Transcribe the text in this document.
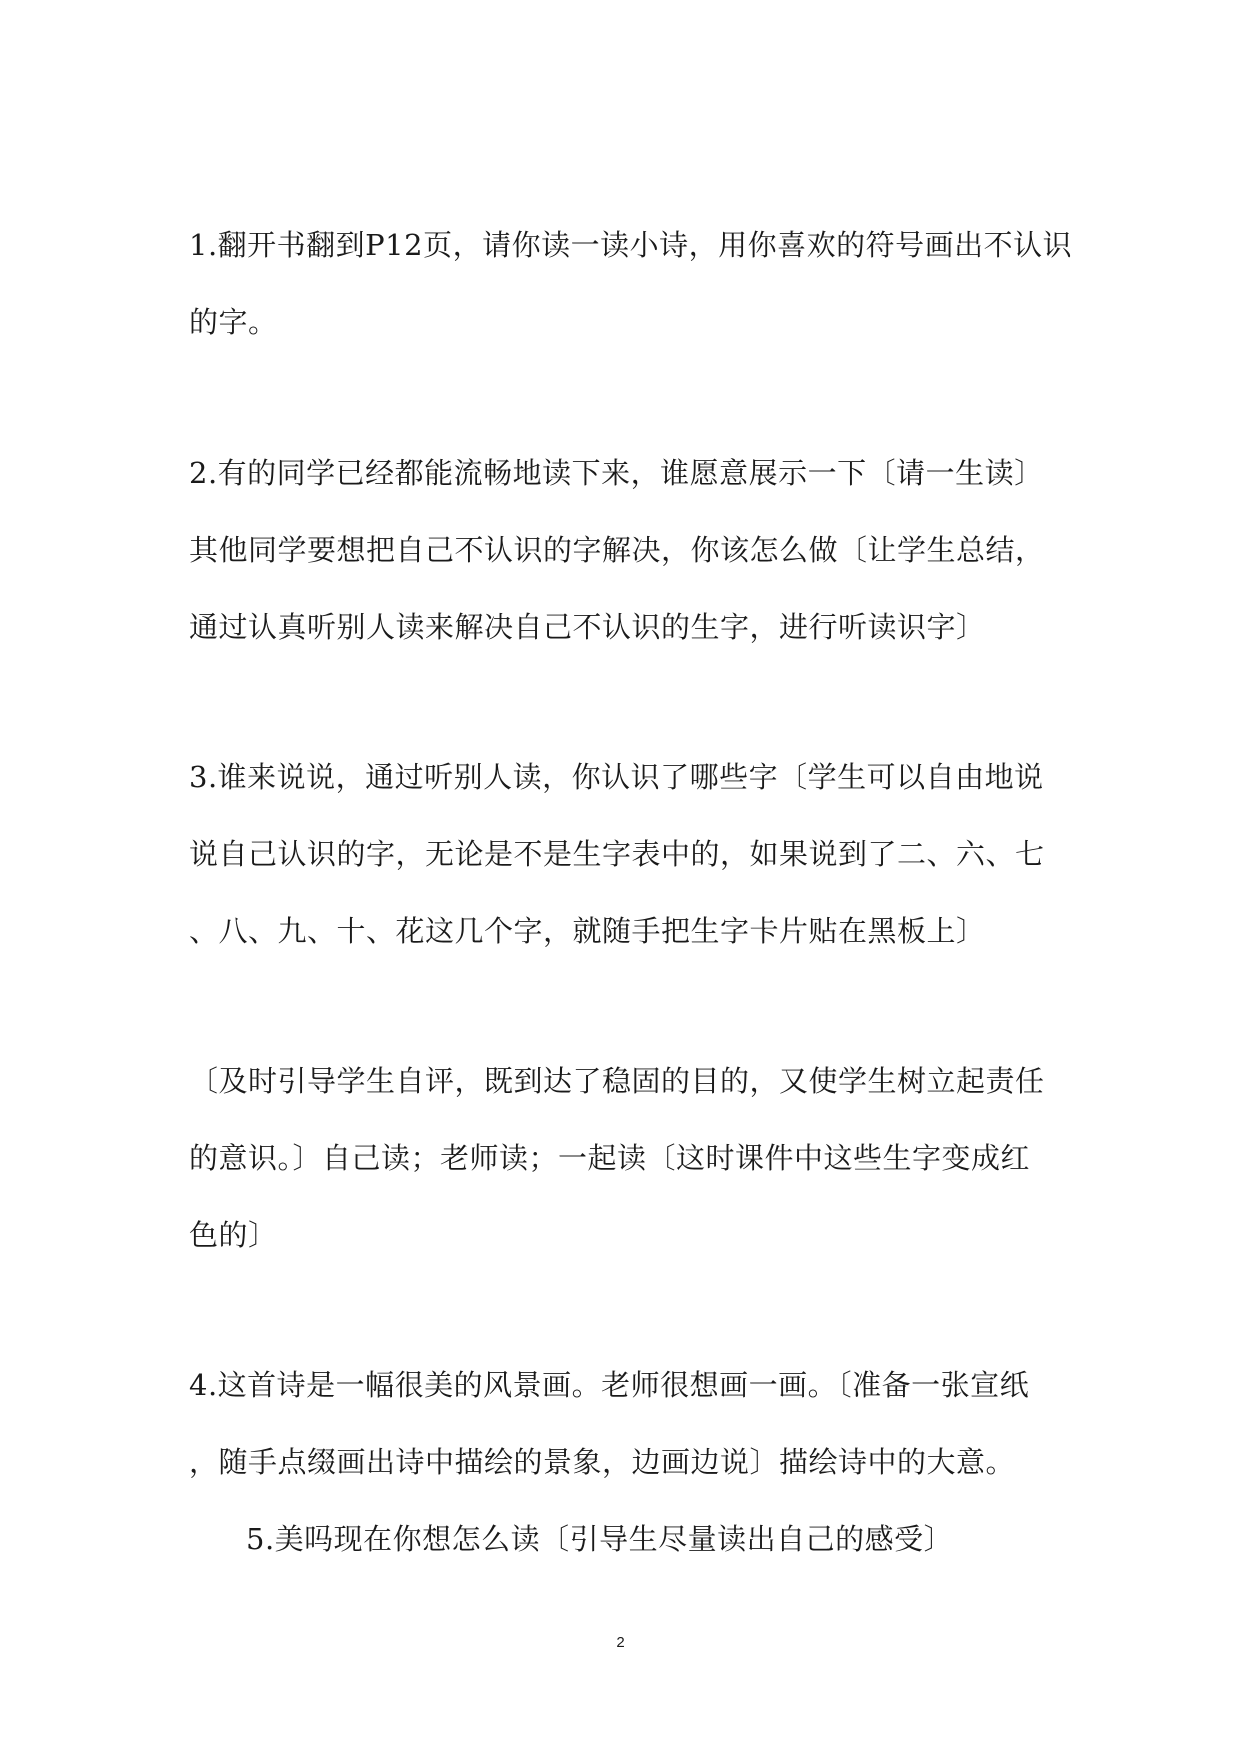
1.翻开书翻到P12页，请你读一读小诗，用你喜欢的符号画出不认识
的字。
2.有的同学已经都能流畅地读下来，谁愿意展示一下〔请一生读〕
其他同学要想把自己不认识的字解决，你该怎么做〔让学生总结，
通过认真听别人读来解决自己不认识的生字，进行听读识字〕
3.谁来说说，通过听别人读，你认识了哪些字〔学生可以自由地说
说自己认识的字，无论是不是生字表中的，如果说到了二、六、七
、八、九、十、花这几个字，就随手把生字卡片贴在黑板上〕
〔及时引导学生自评，既到达了稳固的目的，又使学生树立起责任
的意识。〕自己读；老师读；一起读〔这时课件中这些生字变成红
色的〕
4.这首诗是一幅很美的风景画。老师很想画一画。〔准备一张宣纸
，随手点缀画出诗中描绘的景象，边画边说〕描绘诗中的大意。
5.美吗现在你想怎么读〔引导生尽量读出自己的感受〕
2
